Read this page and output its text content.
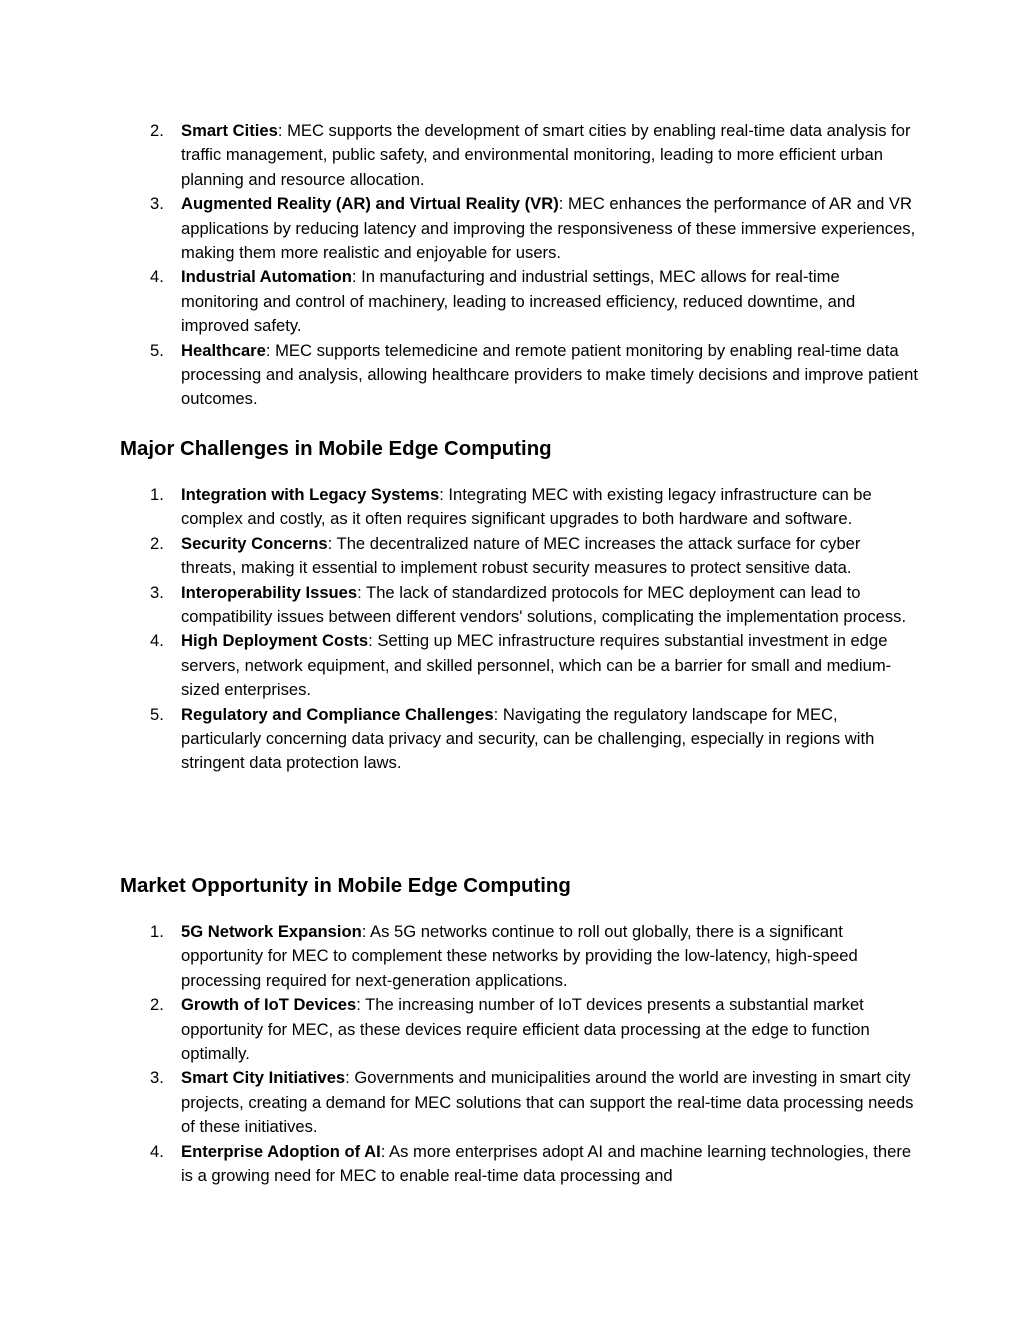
2. Smart Cities: MEC supports the development of smart cities by enabling real-time data analysis for traffic management, public safety, and environmental monitoring, leading to more efficient urban planning and resource allocation.
3. Augmented Reality (AR) and Virtual Reality (VR): MEC enhances the performance of AR and VR applications by reducing latency and improving the responsiveness of these immersive experiences, making them more realistic and enjoyable for users.
4. Industrial Automation: In manufacturing and industrial settings, MEC allows for real-time monitoring and control of machinery, leading to increased efficiency, reduced downtime, and improved safety.
5. Healthcare: MEC supports telemedicine and remote patient monitoring by enabling real-time data processing and analysis, allowing healthcare providers to make timely decisions and improve patient outcomes.
Major Challenges in Mobile Edge Computing
1. Integration with Legacy Systems: Integrating MEC with existing legacy infrastructure can be complex and costly, as it often requires significant upgrades to both hardware and software.
2. Security Concerns: The decentralized nature of MEC increases the attack surface for cyber threats, making it essential to implement robust security measures to protect sensitive data.
3. Interoperability Issues: The lack of standardized protocols for MEC deployment can lead to compatibility issues between different vendors' solutions, complicating the implementation process.
4. High Deployment Costs: Setting up MEC infrastructure requires substantial investment in edge servers, network equipment, and skilled personnel, which can be a barrier for small and medium-sized enterprises.
5. Regulatory and Compliance Challenges: Navigating the regulatory landscape for MEC, particularly concerning data privacy and security, can be challenging, especially in regions with stringent data protection laws.
Market Opportunity in Mobile Edge Computing
1. 5G Network Expansion: As 5G networks continue to roll out globally, there is a significant opportunity for MEC to complement these networks by providing the low-latency, high-speed processing required for next-generation applications.
2. Growth of IoT Devices: The increasing number of IoT devices presents a substantial market opportunity for MEC, as these devices require efficient data processing at the edge to function optimally.
3. Smart City Initiatives: Governments and municipalities around the world are investing in smart city projects, creating a demand for MEC solutions that can support the real-time data processing needs of these initiatives.
4. Enterprise Adoption of AI: As more enterprises adopt AI and machine learning technologies, there is a growing need for MEC to enable real-time data processing and
